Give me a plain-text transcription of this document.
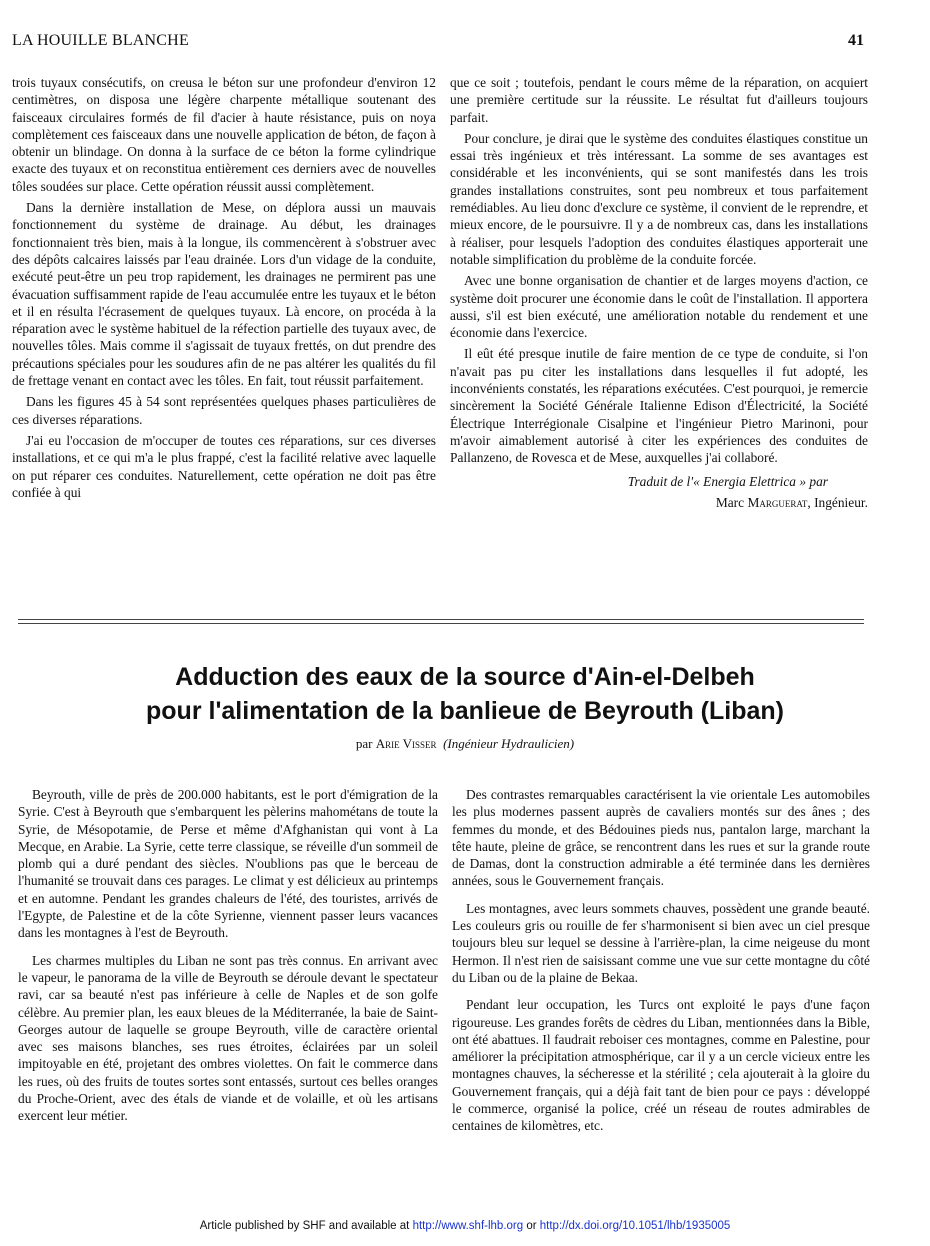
LA HOUILLE BLANCHE	41

trois tuyaux consécutifs, on creusa le béton sur une profondeur d'environ 12 centimètres, on disposa une légère charpente métallique soutenant des faisceaux circulaires formés de fil d'acier à haute résistance, puis on noya complètement ces faisceaux dans une nouvelle application de béton, de façon à obtenir un blindage. On donna à la surface de ce béton la forme cylindrique exacte des tuyaux et on reconstitua entièrement ces derniers avec de nouvelles tôles soudées sur place. Cette opération réussit aussi complètement.

Dans la dernière installation de Mese, on déplora aussi un mauvais fonctionnement du système de drainage. Au début, les drainages fonctionnaient très bien, mais à la longue, ils commencèrent à s'obstruer avec des dépôts calcaires laissés par l'eau drainée. Lors d'un vidage de la conduite, exécuté peut-être un peu trop rapidement, les drainages ne permirent pas une évacuation suffisamment rapide de l'eau accumulée entre les tuyaux et le béton et il en résulta l'écrasement de quelques tuyaux. Là encore, on procéda à la réparation avec le système habituel de la réfection partielle des tuyaux avec, de nouvelles tôles. Mais comme il s'agissait de tuyaux frettés, on dut prendre des précautions spéciales pour les soudures afin de ne pas altérer les qualités du fil de frettage venant en contact avec les tôles. En fait, tout réussit parfaitement.

Dans les figures 45 à 54 sont représentées quelques phases particulières de ces diverses réparations.

J'ai eu l'occasion de m'occuper de toutes ces réparations, sur ces diverses installations, et ce qui m'a le plus frappé, c'est la facilité relative avec laquelle on put réparer ces conduites. Naturellement, cette opération ne doit pas être confiée à qui

que ce soit ; toutefois, pendant le cours même de la réparation, on acquiert une première certitude sur la réussite. Le résultat fut d'ailleurs toujours parfait.

Pour conclure, je dirai que le système des conduites élastiques constitue un essai très ingénieux et très intéressant. La somme de ses avantages est considérable et les inconvénients, qui se sont manifestés dans les trois grandes installations construites, sont peu nombreux et tous parfaitement remédiables. Au lieu donc d'exclure ce système, il convient de le reprendre, et mieux encore, de le poursuivre. Il y a de nombreux cas, dans les installations à réaliser, pour lesquels l'adoption des conduites élastiques apporterait une notable simplification du problème de la conduite forcée.

Avec une bonne organisation de chantier et de larges moyens d'action, ce système doit procurer une économie dans le coût de l'installation. Il apportera aussi, s'il est bien exécuté, une amélioration notable du rendement et une économie dans l'exercice.

Il eût été presque inutile de faire mention de ce type de conduite, si l'on n'avait pas pu citer les installations dans lesquelles il fut adopté, les inconvénients constatés, les réparations exécutées. C'est pourquoi, je remercie sincèrement la Société Générale Italienne Edison d'Électricité, la Société Électrique Interrégionale Cisalpine et l'ingénieur Pietro Marinoni, pour m'avoir aimablement autorisé à citer les expériences des conduites de Pallanzeno, de Rovesca et de Mese, auxquelles j'ai collaboré.

Traduit de l'« Energia Elettrica » par
Marc Marguerat, Ingénieur.
Adduction des eaux de la source d'Ain-el-Delbeh
pour l'alimentation de la banlieue de Beyrouth (Liban)
par Arie Visser (Ingénieur Hydraulicien)

Beyrouth, ville de près de 200.000 habitants, est le port d'émigration de la Syrie. C'est à Beyrouth que s'embarquent les pèlerins mahométans de toute la Syrie, de Mésopotamie, de Perse et même d'Afghanistan qui vont à La Mecque, en Arabie. La Syrie, cette terre classique, se réveille d'un sommeil de plomb qui a duré pendant des siècles. N'oublions pas que le berceau de l'humanité se trouvait dans ces parages. Le climat y est délicieux au printemps et en automne. Pendant les grandes chaleurs de l'été, des touristes, arrivés de l'Egypte, de Palestine et de la côte Syrienne, viennent passer leurs vacances dans les montagnes à l'est de Beyrouth.

Les charmes multiples du Liban ne sont pas très connus. En arrivant avec le vapeur, le panorama de la ville de Beyrouth se déroule devant le spectateur ravi, car sa beauté n'est pas inférieure à celle de Naples et de son golfe célèbre. Au premier plan, les eaux bleues de la Méditerranée, la baie de Saint-Georges autour de laquelle se groupe Beyrouth, ville de caractère oriental avec ses maisons blanches, ses rues étroites, éclairées par un soleil impitoyable en été, projetant des ombres violettes. On fait le commerce dans les rues, où des fruits de toutes sortes sont entassés, surtout ces belles oranges du Proche-Orient, avec des étals de viande et de volaille, et où les artisans exercent leur métier.

Des contrastes remarquables caractérisent la vie orientale Les automobiles les plus modernes passent auprès de cavaliers montés sur des ânes ; des femmes du monde, et des Bédouines pieds nus, pantalon large, marchant la tête haute, pleine de grâce, se rencontrent dans les rues et sur la grande route de Damas, dont la construction admirable a été terminée dans les dernières années, sous le Gouvernement français.

Les montagnes, avec leurs sommets chauves, possèdent une grande beauté. Les couleurs gris ou rouille de fer s'harmonisent si bien avec un ciel presque toujours bleu sur lequel se dessine à l'arrière-plan, la cime neigeuse du mont Hermon. Il n'est rien de saisissant comme une vue sur cette montagne du côté du Liban ou de la plaine de Bekaa.

Pendant leur occupation, les Turcs ont exploité le pays d'une façon rigoureuse. Les grandes forêts de cèdres du Liban, mentionnées dans la Bible, ont été abattues. Il faudrait reboiser ces montagnes, comme en Palestine, pour améliorer la précipitation atmosphérique, car il y a un cercle vicieux entre les montagnes chauves, la sécheresse et la stérilité ; cela ajouterait à la gloire du Gouvernement français, qui a déjà fait tant de bien pour ce pays : développé le commerce, organisé la police, créé un réseau de routes admirables de centaines de kilomètres, etc.

Article published by SHF and available at http://www.shf-lhb.org or http://dx.doi.org/10.1051/lhb/1935005
